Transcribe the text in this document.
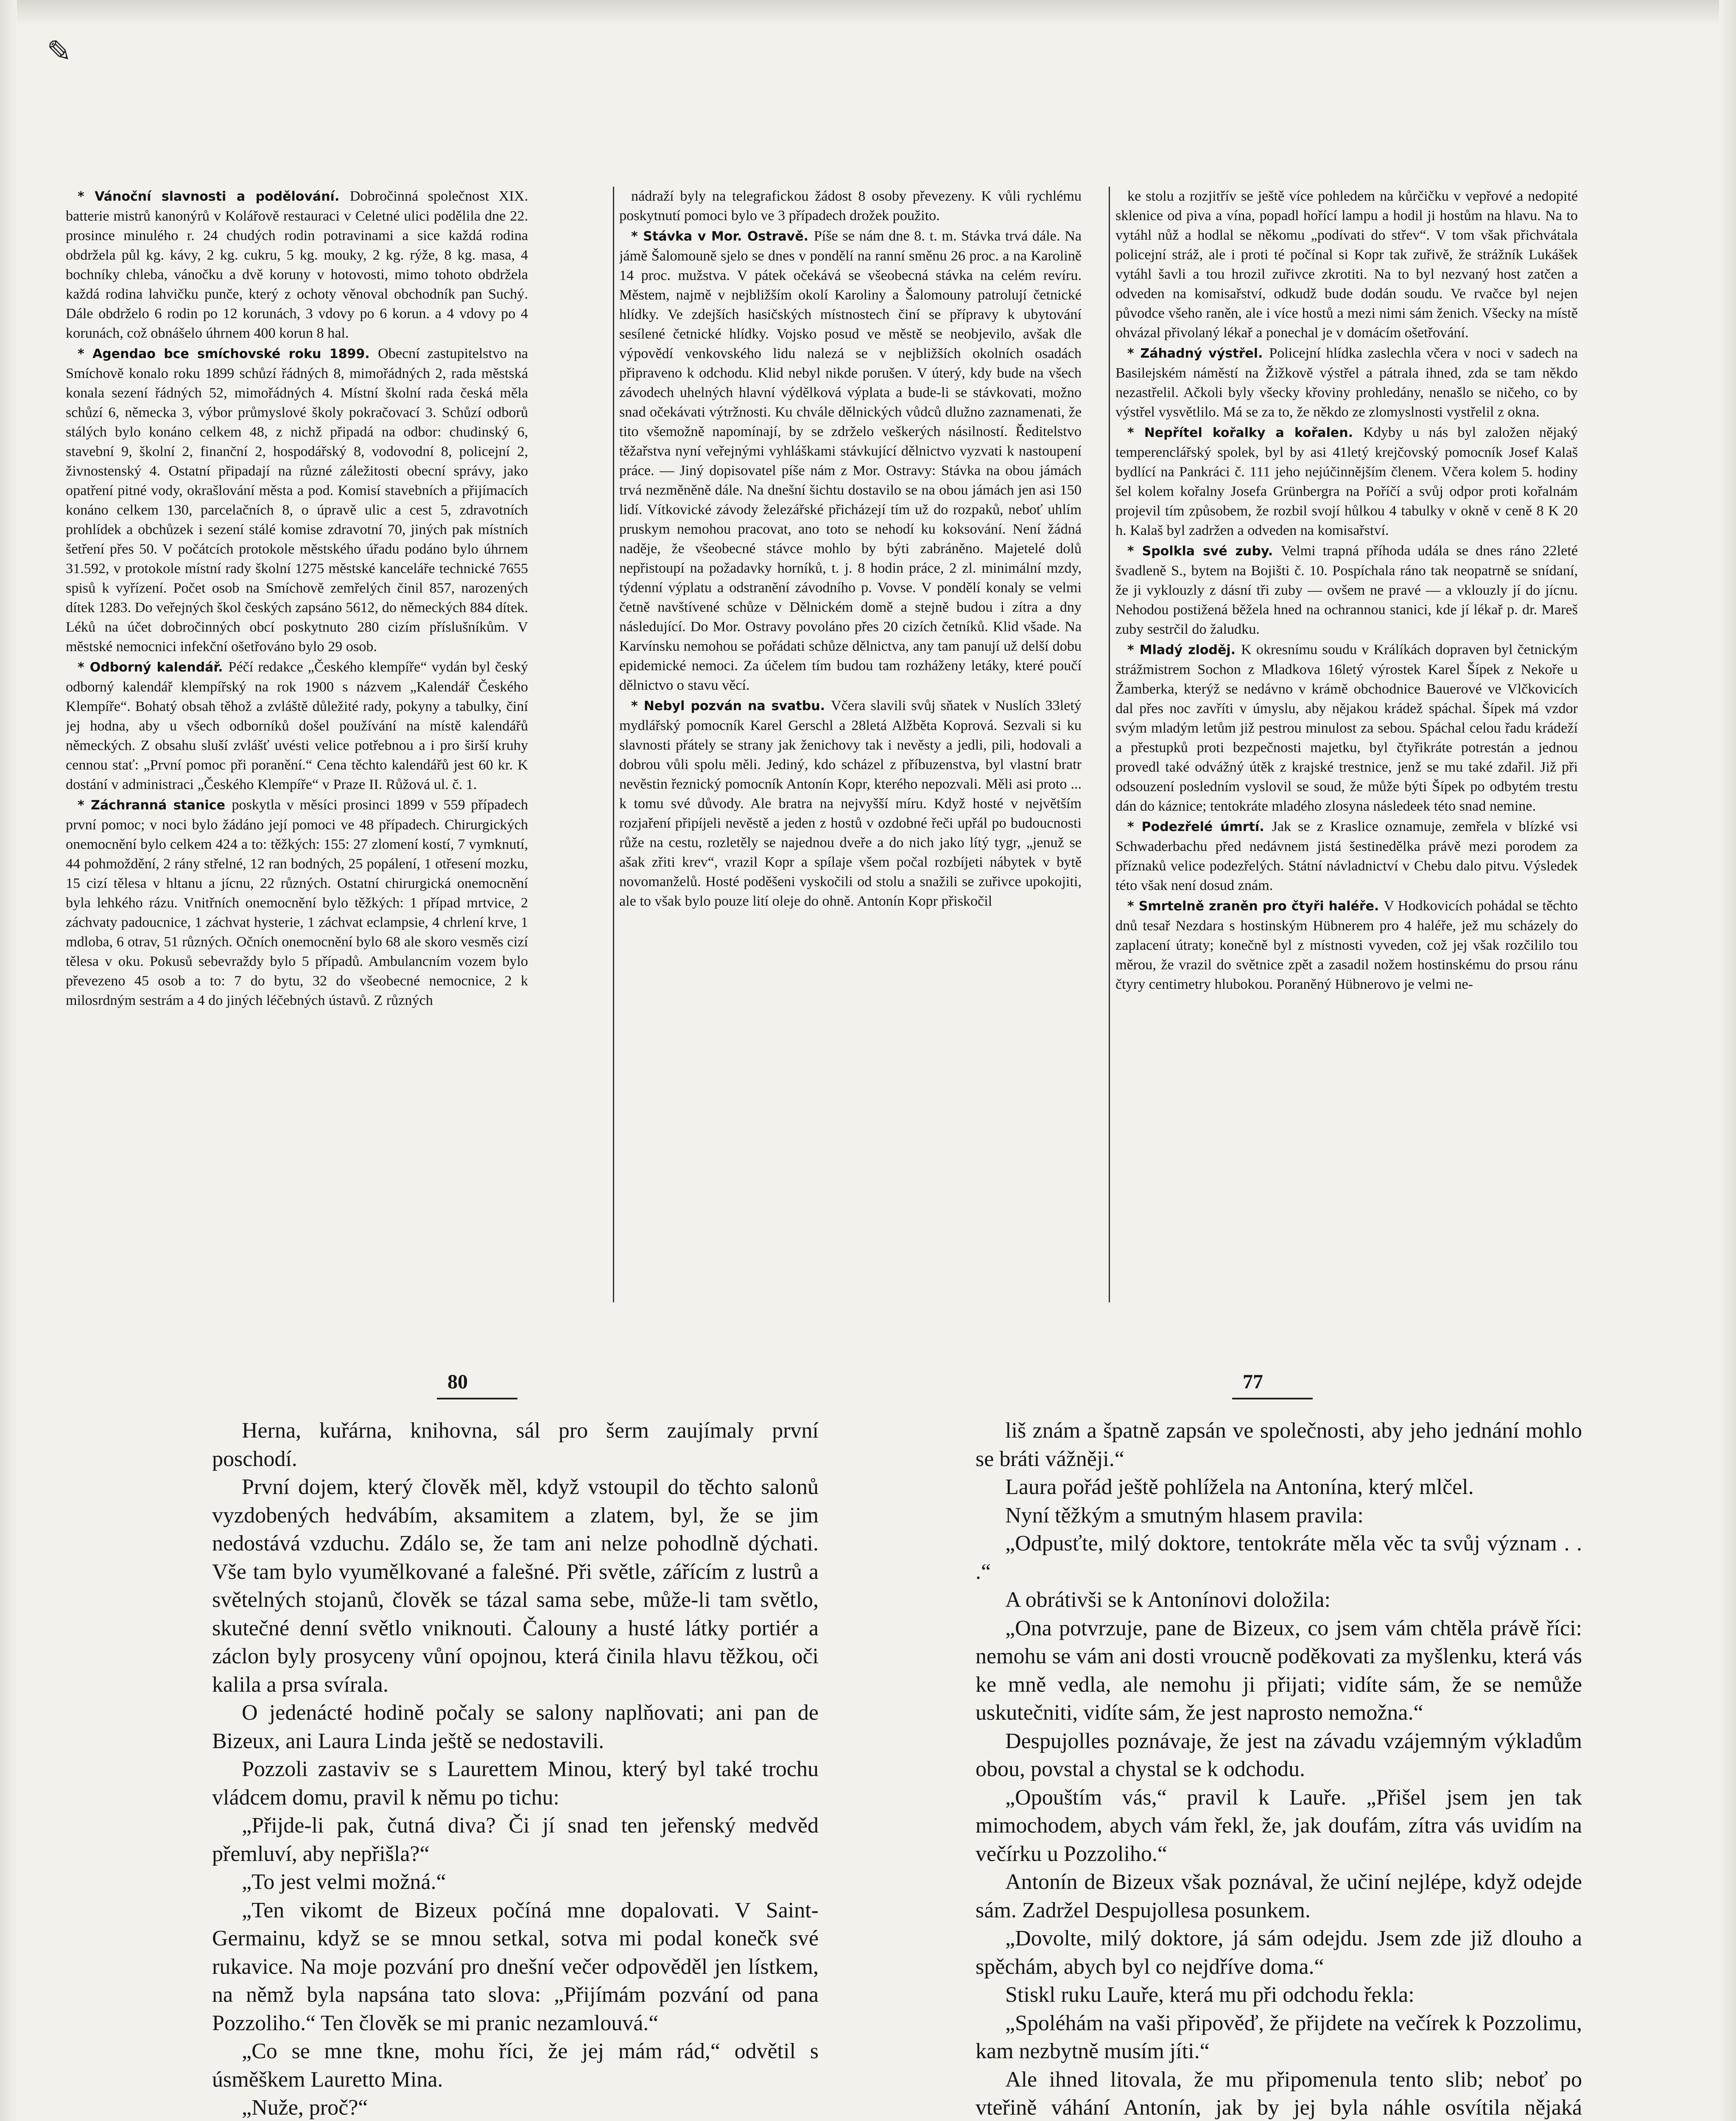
✎

* Vánoční slavnosti a podělování. Dobročinná společnost XIX. batterie mistrů kanonýrů v Kolářově restauraci v Celetné ulici podělila dne 22. prosince minulého r. 24 chudých rodin potravinami a sice každá rodina obdržela půl kg. kávy, 2 kg. cukru, 5 kg. mouky, 2 kg. rýže, 8 kg. masa, 4 bochníky chleba, vánočku a dvě koruny v hotovosti, mimo tohoto obdržela každá rodina lahvičku punče, který z ochoty věnoval obchodník pan Suchý. Dále obdrželo 6 rodin po 12 korunách, 3 vdovy po 6 korun. a 4 vdovy po 4 korunách, což obnášelo úhrnem 400 korun 8 hal.

* Agendao bce smíchovské roku 1899. Obecní zastupitelstvo na Smíchově konalo roku 1899 schůzí řádných 8, mimořádných 2, rada městská konala sezení řádných 52, mimořádných 4. Místní školní rada česká měla schůzí 6, německa 3, výbor průmyslové školy pokračovací 3. Schůzí odborů stálých bylo konáno celkem 48, z nichž připadá na odbor: chudinský 6, stavební 9, školní 2, finanční 2, hospodářský 8, vodovodní 8, policejní 2, živnostenský 4. Ostatní připadají na různé záležitosti obecní správy, jako opatření pitné vody, okrašlování města a pod. Komisí stavebních a přijímacích konáno celkem 130, parcelačních 8, o úpravě ulic a cest 5, zdravotních prohlídek a obchůzek i sezení stálé komise zdravotní 70, jiných pak místních šetření přes 50. V počátcích protokole městského úřadu podáno bylo úhrnem 31.592, v protokole místní rady školní 1275 městské kanceláře technické 7655 spisů k vyřízení. Počet osob na Smíchově zemřelých činil 857, narozených dítek 1283. Do veřejných škol českých zapsáno 5612, do německých 884 dítek. Léků na účet dobročinných obcí poskytnuto 280 cizím příslušníkům. V městské nemocnici infekční ošetřováno bylo 29 osob.

* Odborný kalendář. Péčí redakce „Českého klempíře“ vydán byl český odborný kalendář klempířský na rok 1900 s názvem „Kalendář Českého Klempíře“. Bohatý obsah těhož a zvláště důležité rady, pokyny a tabulky, činí jej hodna, aby u všech odborníků došel používání na místě kalendářů německých. Z obsahu sluší zvlášť uvésti velice potřebnou a i pro širší kruhy cennou stať: „První pomoc při poranění.“ Cena těchto kalendářů jest 60 kr. K dostání v administraci „Českého Klempíře“ v Praze II. Růžová ul. č. 1.

* Záchranná stanice poskytla v měsíci prosinci 1899 v 559 případech první pomoc; v noci bylo žádáno její pomoci ve 48 případech. Chirurgických onemocnění bylo celkem 424 a to: těžkých: 155: 27 zlomení kostí, 7 vymknutí, 44 pohmoždění, 2 rány střelné, 12 ran bodných, 25 popálení, 1 otřesení mozku, 15 cizí tělesa v hltanu a jícnu, 22 různých. Ostatní chirurgická onemocnění byla lehkého rázu. Vnitřních onemocnění bylo těžkých: 1 případ mrtvice, 2 záchvaty padoucnice, 1 záchvat hysterie, 1 záchvat eclampsie, 4 chrlení krve, 1 mdloba, 6 otrav, 51 různých. Očních onemocnění bylo 68 ale skoro vesměs cizí tělesa v oku. Pokusů sebevraždy bylo 5 případů. Ambulancním vozem bylo převezeno 45 osob a to: 7 do bytu, 32 do všeobecné nemocnice, 2 k milosrdným sestrám a 4 do jiných léčebných ústavů. Z různých

nádraží byly na telegrafickou žádost 8 osoby převezeny. K vůli rychlému poskytnutí pomoci bylo ve 3 případech drožek použito.

* Stávka v Mor. Ostravě. Píše se nám dne 8. t. m. Stávka trvá dále. Na jámě Šalomouně sjelo se dnes v pondělí na ranní směnu 26 proc. a na Karolině 14 proc. mužstva. V pátek očekává se všeobecná stávka na celém revíru. Městem, najmě v nejbližším okolí Karoliny a Šalomouny patrolují četnické hlídky. Ve zdejších hasičských místnostech činí se přípravy k ubytování sesílené četnické hlídky. Vojsko posud ve městě se neobjevilo, avšak dle výpovědí venkovského lidu nalezá se v nejbližších okolních osadách připraveno k odchodu. Klid nebyl nikde porušen. V úterý, kdy bude na všech závodech uhelných hlavní výdělková výplata a bude-li se stávkovati, možno snad očekávati výtržnosti. Ku chvále dělnických vůdců dlužno zaznamenati, že tito všemožně napomínají, by se zdrželo veškerých násilností. Ředitelstvo těžařstva nyní veřejnými vyhláškami stávkující dělnictvo vyzvati k nastoupení práce. — Jiný dopisovatel píše nám z Mor. Ostravy: Stávka na obou jámách trvá nezměněně dále. Na dnešní šichtu dostavilo se na obou jámách jen asi 150 lidí. Vítkovické závody železářské přicházejí tím už do rozpaků, neboť uhlím pruskym nemohou pracovat, ano toto se nehodí ku koksování. Není žádná naděje, že všeobecné stávce mohlo by býti zabráněno. Majetelé dolů nepřistoupí na požadavky horníků, t. j. 8 hodin práce, 2 zl. minimální mzdy, týdenní výplatu a odstranění závodního p. Vovse. V pondělí konaly se velmi četně navštívené schůze v Dělnickém domě a stejně budou i zítra a dny následující. Do Mor. Ostravy povoláno přes 20 cizích četníků. Klid všade. Na Karvínsku nemohou se pořádati schůze dělnictva, any tam panují už delší dobu epidemické nemoci. Za účelem tím budou tam rozháženy letáky, které poučí dělnictvo o stavu věcí.

* Nebyl pozván na svatbu. Včera slavili svůj sňatek v Nuslích 33letý mydlářský pomocník Karel Gerschl a 28letá Alžběta Koprová. Sezvali si ku slavnosti přátely se strany jak ženichovy tak i nevěsty a jedli, pili, hodovali a dobrou vůli spolu měli. Jediný, kdo scházel z příbuzenstva, byl vlastní bratr nevěstin řeznický pomocník Antonín Kopr, kterého nepozvali. Měli asi proto ... k tomu své důvody. Ale bratra na nejvyšší míru. Když hosté v největším rozjaření připíjeli nevěstě a jeden z hostů v ozdobné řeči upřál po budoucnosti růže na cestu, rozletěly se najednou dveře a do nich jako lítý tygr, „jenuž se ašak zřiti krev“, vrazil Kopr a spílaje všem počal rozbíjeti nábytek v bytě novomanželů. Hosté poděšeni vyskočili od stolu a snažili se zuřivce upokojiti, ale to však bylo pouze lití oleje do ohně. Antonín Kopr přiskočil

ke stolu a rozjitřív se ještě více pohledem na kůrčičku v vepřové a nedopité sklenice od piva a vína, popadl hořící lampu a hodil ji hostům na hlavu. Na to vytáhl nůž a hodlal se někomu „podívati do střev“. V tom však přichvátala policejní stráž, ale i proti té počínal si Kopr tak zuřivě, že strážník Lukášek vytáhl šavli a tou hrozil zuřivce zkrotiti. Na to byl nezvaný host zatčen a odveden na komisařství, odkudž bude dodán soudu. Ve rvačce byl nejen původce všeho raněn, ale i více hostů a mezi nimi sám ženich. Všecky na místě ohvázal přivolaný lékař a ponechal je v domácím ošetřování.

* Záhadný výstřel. Policejní hlídka zaslechla včera v noci v sadech na Basilejském náměstí na Žižkově výstřel a pátrala ihned, zda se tam někdo nezastřelil. Ačkoli byly všecky křoviny prohledány, nenašlo se ničeho, co by výstřel vysvětlilo. Má se za to, že někdo ze zlomyslnosti vystřelil z okna.

* Nepřítel kořalky a kořalen. Kdyby u nás byl založen nějaký temperenclářský spolek, byl by asi 41letý krejčovský pomocník Josef Kalaš bydlící na Pankráci č. 111 jeho nejúčinnějším členem. Včera kolem 5. hodiny šel kolem kořalny Josefa Grünbergra na Poříčí a svůj odpor proti kořalnám projevil tím způsobem, že rozbil svojí hůlkou 4 tabulky v okně v ceně 8 K 20 h. Kalaš byl zadržen a odveden na komisařství.

* Spolkla své zuby. Velmi trapná příhoda udála se dnes ráno 22leté švadleně S., bytem na Bojišti č. 10. Pospíchala ráno tak neopatrně se snídaní, že ji vyklouzly z dásní tři zuby — ovšem ne pravé — a vklouzly jí do jícnu. Nehodou postižená běžela hned na ochrannou stanici, kde jí lékař p. dr. Mareš zuby sestrčil do žaludku.

* Mladý zloděj. K okresnímu soudu v Králíkách dopraven byl četnickým strážmistrem Sochon z Mladkova 16letý výrostek Karel Šípek z Nekoře u Žamberka, kterýž se nedávno v krámě obchodnice Bauerové ve Vlčkovicích dal přes noc zavříti v úmyslu, aby nějakou krádež spáchal. Šípek má vzdor svým mladým letům již pestrou minulost za sebou. Spáchal celou řadu krádeží a přestupků proti bezpečnosti majetku, byl čtyřikráte potrestán a jednou provedl také odvážný útěk z krajské trestnice, jenž se mu také zdařil. Již při odsouzení posledním vyslovil se soud, že může býti Šípek po odbytém trestu dán do káznice; tentokráte mladého zlosyna následeek této snad nemine.

* Podezřelé úmrtí. Jak se z Kraslice oznamuje, zemřela v blízké vsi Schwaderbachu před nedávnem jistá šestinedělka právě mezi porodem za příznaků velice podezřelých. Státní návladnictví v Chebu dalo pitvu. Výsledek této však není dosud znám.

* Smrtelně zraněn pro čtyři haléře. V Hodkovicích pohádal se těchto dnů tesař Nezdara s hostinským Hübnerem pro 4 haléře, jež mu scházely do zaplacení útraty; konečně byl z místnosti vyveden, což jej však rozčililo tou měrou, že vrazil do světnice zpět a zasadil nožem hostinskému do prsou ránu čtyry centimetry hlubokou. Poraněný Hübnerovo je velmi ne-

80	77

Herna, kuřárna, knihovna, sál pro šerm zaujímaly první poschodí.

První dojem, který člověk měl, když vstoupil do těchto salonů vyzdobených hedvábím, aksamitem a zlatem, byl, že se jim nedostává vzduchu. Zdálo se, že tam ani nelze pohodlně dýchati. Vše tam bylo vyumělkované a falešné. Při světle, zářícím z lustrů a světelných stojanů, člověk se tázal sama sebe, může-li tam světlo, skutečné denní světlo vniknouti. Čalouny a husté látky portiér a záclon byly prosyceny vůní opojnou, která činila hlavu těžkou, oči kalila a prsa svírala.

O jedenácté hodině počaly se salony naplňovati; ani pan de Bizeux, ani Laura Linda ještě se nedostavili.

Pozzoli zastaviv se s Laurettem Minou, který byl také trochu vládcem domu, pravil k němu po tichu:

„Přijde-li pak, čutná diva? Či jí snad ten jeřenský medvěd přemluví, aby nepřišla?“

„To jest velmi možná.“

„Ten vikomt de Bizeux počíná mne dopalovati. V Saint-Germainu, když se se mnou setkal, sotva mi podal konečk své rukavice. Na moje pozvání pro dnešní večer odpověděl jen lístkem, na němž byla napsána tato slova: „Přijímám pozvání od pana Pozzoliho.“ Ten člověk se mi pranic nezamlouvá.“

„Co se mne tkne, mohu říci, že jej mám rád,“ odvětil s úsměškem Lauretto Mina.

„Nuže, proč?“

liš znám a špatně zapsán ve společnosti, aby jeho jednání mohlo se bráti vážněji.“

Laura pořád ještě pohlížela na Antonína, který mlčel.

Nyní těžkým a smutným hlasem pravila:

„Odpusťte, milý doktore, tentokráte měla věc ta svůj význam . . .“

A obrátivši se k Antonínovi doložila:

„Ona potvrzuje, pane de Bizeux, co jsem vám chtěla právě říci: nemohu se vám ani dosti vroucně poděkovati za myšlenku, která vás ke mně vedla, ale nemohu ji přijati; vidíte sám, že se nemůže uskutečniti, vidíte sám, že jest naprosto nemožna.“

Despujolles poznávaje, že jest na závadu vzájemným výkladům obou, povstal a chystal se k odchodu.

„Opouštím vás,“ pravil k Lauře. „Přišel jsem jen tak mimochodem, abych vám řekl, že, jak doufám, zítra vás uvidím na večírku u Pozzoliho.“

Antonín de Bizeux však poznával, že učiní nejlépe, když odejde sám. Zadržel Despujollesa posunkem.

„Dovolte, milý doktore, já sám odejdu. Jsem zde již dlouho a spěchám, abych byl co nejdříve doma.“

Stiskl ruku Lauře, která mu při odchodu řekla:

„Spoléhám na vaši připověď, že přijdete na večírek k Pozzolimu, kam nezbytně musím jíti.“

Ale ihned litovala, že mu připomenula tento slib; neboť po vteřině váhání Antonín, jak by jej byla náhle osvítila nějaká
